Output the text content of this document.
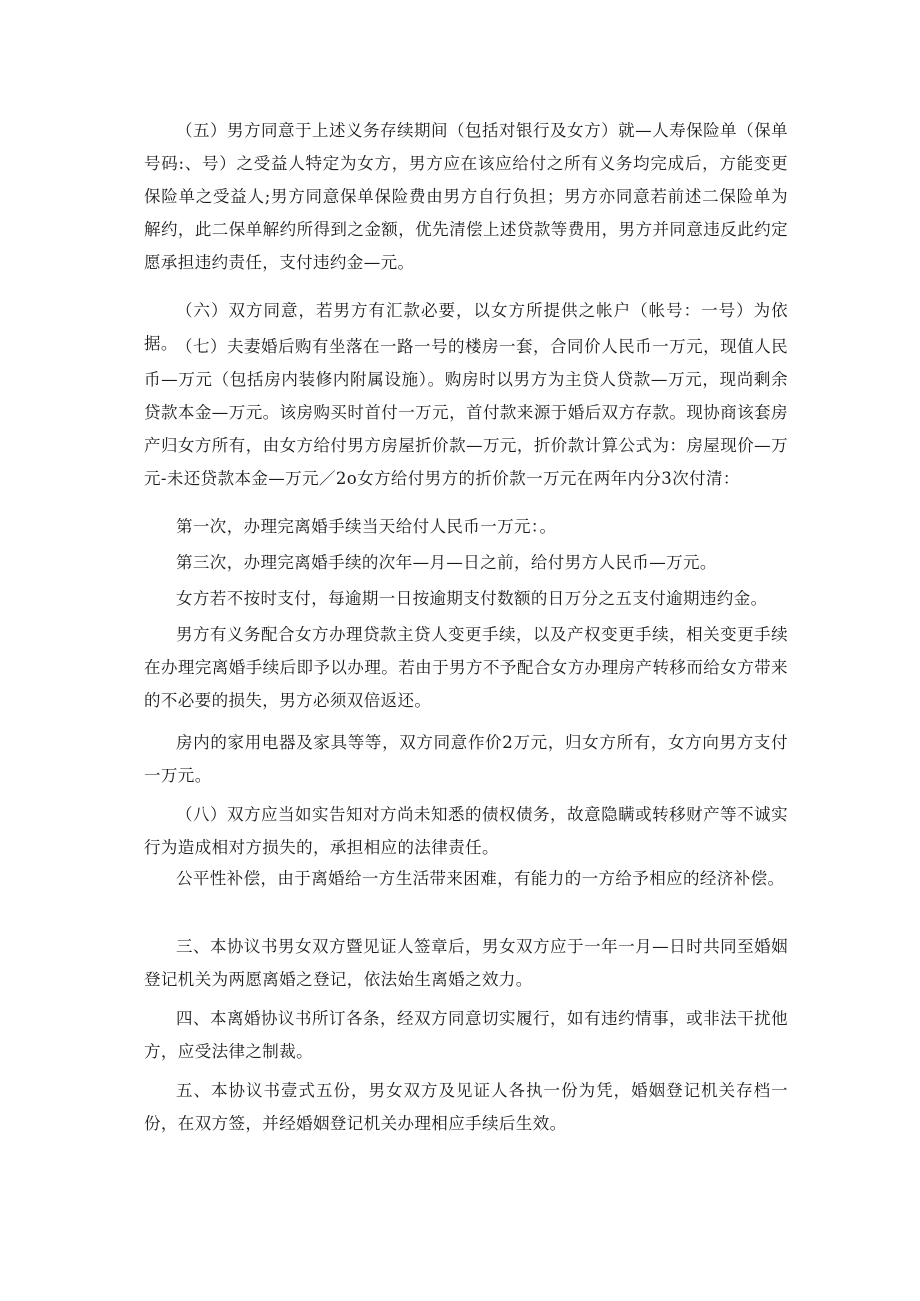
（五）男方同意于上述义务存续期间（包括对银行及女方）就—人寿保险单（保单号码:、号）之受益人特定为女方，男方应在该应给付之所有义务均完成后，方能变更保险单之受益人;男方同意保单保险费由男方自行负担；男方亦同意若前述二保险单为解约，此二保单解约所得到之金额，优先清偿上述贷款等费用，男方并同意违反此约定愿承担违约责任，支付违约金—元。
（六）双方同意，若男方有汇款必要，以女方所提供之帐户（帐号：一号）为依据。
（七）夫妻婚后购有坐落在一路一号的楼房一套，合同价人民币一万元，现值人民币—万元（包括房内装修内附属设施）。购房时以男方为主贷人贷款—万元，现尚剩余贷款本金—万元。该房购买时首付一万元，首付款来源于婚后双方存款。现协商该套房产归女方所有，由女方给付男方房屋折价款—万元，折价款计算公式为：房屋现价—万元-未还贷款本金—万元／2o女方给付男方的折价款一万元在两年内分3次付清：
第一次，办理完离婚手续当天给付人民币一万元：。
第三次，办理完离婚手续的次年—月—日之前，给付男方人民币—万元。
女方若不按时支付，每逾期一日按逾期支付数额的日万分之五支付逾期违约金。
男方有义务配合女方办理贷款主贷人变更手续，以及产权变更手续，相关变更手续在办理完离婚手续后即予以办理。若由于男方不予配合女方办理房产转移而给女方带来的不必要的损失，男方必须双倍返还。
房内的家用电器及家具等等，双方同意作价2万元，归女方所有，女方向男方支付一万元。
（八）双方应当如实告知对方尚未知悉的债权债务，故意隐瞒或转移财产等不诚实行为造成相对方损失的，承担相应的法律责任。
公平性补偿，由于离婚给一方生活带来困难，有能力的一方给予相应的经济补偿。
三、本协议书男女双方暨见证人签章后，男女双方应于一年一月—日时共同至婚姻登记机关为两愿离婚之登记，依法始生离婚之效力。
四、本离婚协议书所订各条，经双方同意切实履行，如有违约情事，或非法干扰他方，应受法律之制裁。
五、本协议书壹式五份，男女双方及见证人各执一份为凭，婚姻登记机关存档一份，在双方签，并经婚姻登记机关办理相应手续后生效。
